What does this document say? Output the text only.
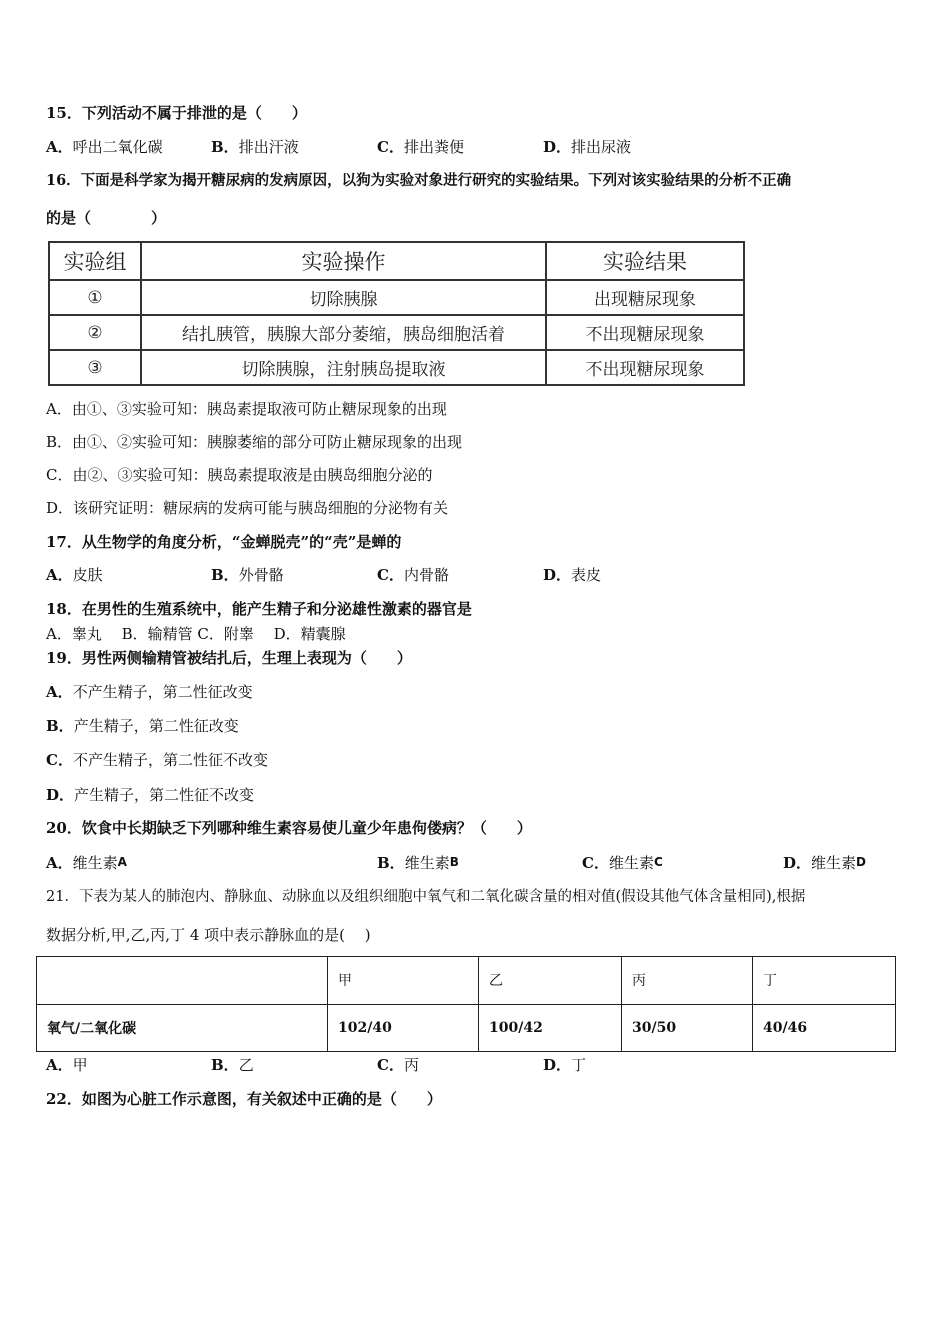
15．下列活动不属于排泄的是（　　）
A．呼出二氧化碳	B．排出汗液	C．排出粪便	D．排出尿液
16．下面是科学家为揭开糖尿病的发病原因，以狗为实验对象进行研究的实验结果。下列对该实验结果的分析不正确
的是（　　　　）
实验组	实验操作	实验结果
①	切除胰腺	出现糖尿现象
②	结扎胰管，胰腺大部分萎缩，胰岛细胞活着	不出现糖尿现象
③	切除胰腺，注射胰岛提取液	不出现糖尿现象
A．由①、③实验可知：胰岛素提取液可防止糖尿现象的出现
B．由①、②实验可知：胰腺萎缩的部分可防止糖尿现象的出现
C．由②、③实验可知：胰岛素提取液是由胰岛细胞分泌的
D．该研究证明：糖尿病的发病可能与胰岛细胞的分泌物有关
17．从生物学的角度分析，“金蝉脱壳”的“壳”是蝉的
A．皮肤	B．外骨骼	C．内骨骼	D．表皮
18．在男性的生殖系统中，能产生精子和分泌雄性激素的器官是
A．睾丸　 B．输精管 C．附睾　 D．精囊腺
19．男性两侧输精管被结扎后，生理上表现为（　　）
A．不产生精子，第二性征改变
B．产生精子，第二性征改变
C．不产生精子，第二性征不改变
D．产生精子，第二性征不改变
20．饮食中长期缺乏下列哪种维生素容易使儿童少年患佝偻病？（　　）
A．维生素A	B．维生素B	C．维生素C	D．维生素D
21．下表为某人的肺泡内、静脉血、动脉血以及组织细胞中氧气和二氧化碳含量的相对值(假设其他气体含量相同),根据
数据分析,甲,乙,丙,丁 4 项中表示静脉血的是(　 )
	甲	乙	丙	丁
氧气/二氧化碳	102/40	100/42	30/50	40/46
A．甲	B．乙	C．丙	D．丁
22．如图为心脏工作示意图，有关叙述中正确的是（　　）
